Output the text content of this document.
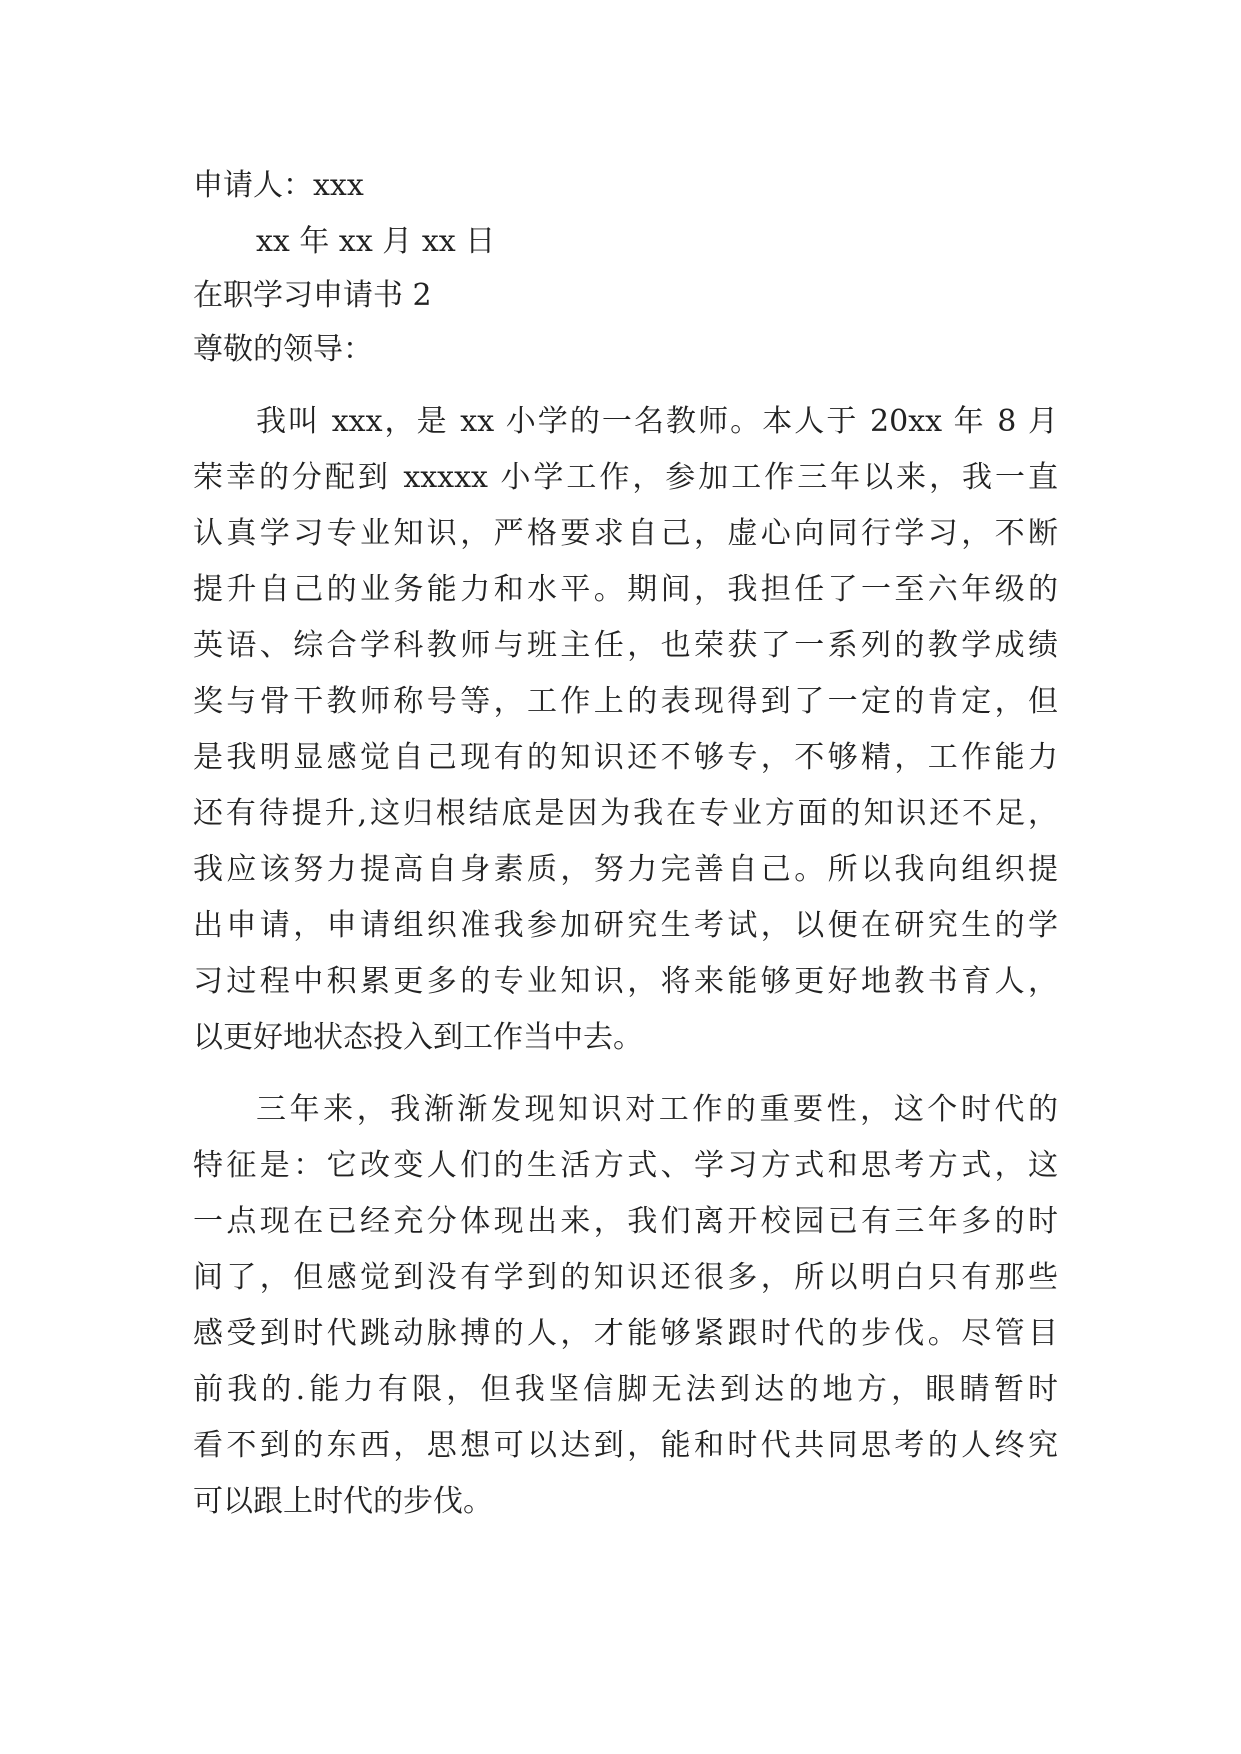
申请人：xxx
xx 年 xx 月 xx 日
在职学习申请书 2
尊敬的领导：
我叫 xxx，是 xx 小学的一名教师。本人于 20xx 年 8 月
荣幸的分配到 xxxxx 小学工作，参加工作三年以来，我一直
认真学习专业知识，严格要求自己，虚心向同行学习，不断
提升自己的业务能力和水平。期间，我担任了一至六年级的
英语、综合学科教师与班主任，也荣获了一系列的教学成绩
奖与骨干教师称号等，工作上的表现得到了一定的肯定，但
是我明显感觉自己现有的知识还不够专，不够精，工作能力
还有待提升,这归根结底是因为我在专业方面的知识还不足，
我应该努力提高自身素质，努力完善自己。所以我向组织提
出申请，申请组织准我参加研究生考试，以便在研究生的学
习过程中积累更多的专业知识，将来能够更好地教书育人，
以更好地状态投入到工作当中去。
三年来，我渐渐发现知识对工作的重要性，这个时代的
特征是：它改变人们的生活方式、学习方式和思考方式，这
一点现在已经充分体现出来，我们离开校园已有三年多的时
间了，但感觉到没有学到的知识还很多，所以明白只有那些
感受到时代跳动脉搏的人，才能够紧跟时代的步伐。尽管目
前我的.能力有限，但我坚信脚无法到达的地方，眼睛暂时
看不到的东西，思想可以达到，能和时代共同思考的人终究
可以跟上时代的步伐。
